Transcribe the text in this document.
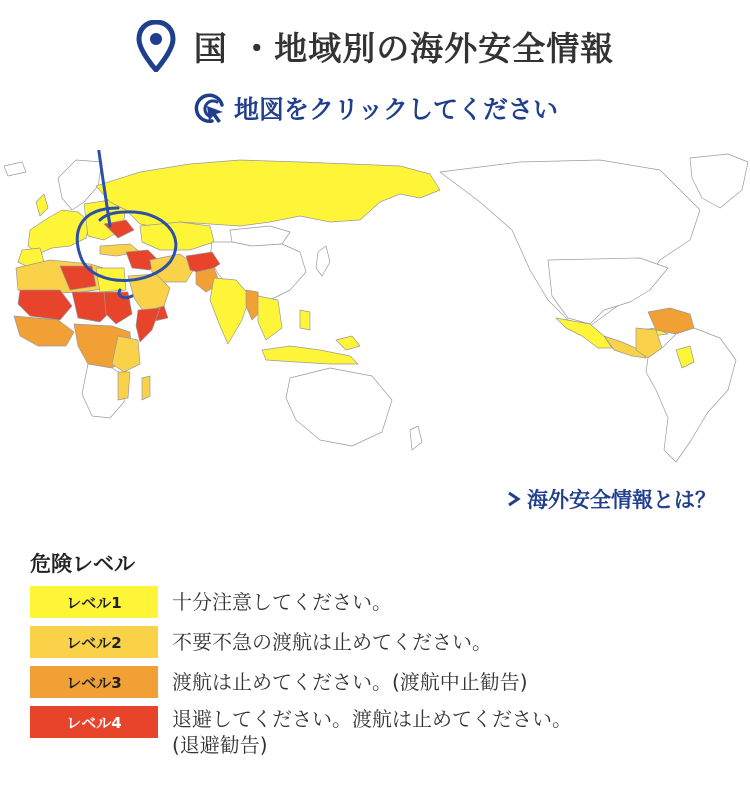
国 ・地域別の海外安全情報
地図をクリックしてください
海外安全情報とは？
危険レベル
レベル1	十分注意してください。
レベル2	不要不急の渡航は止めてください。
レベル3	渡航は止めてください。(渡航中止勧告)
レベル4	退避してください。渡航は止めてください。
(退避勧告)
